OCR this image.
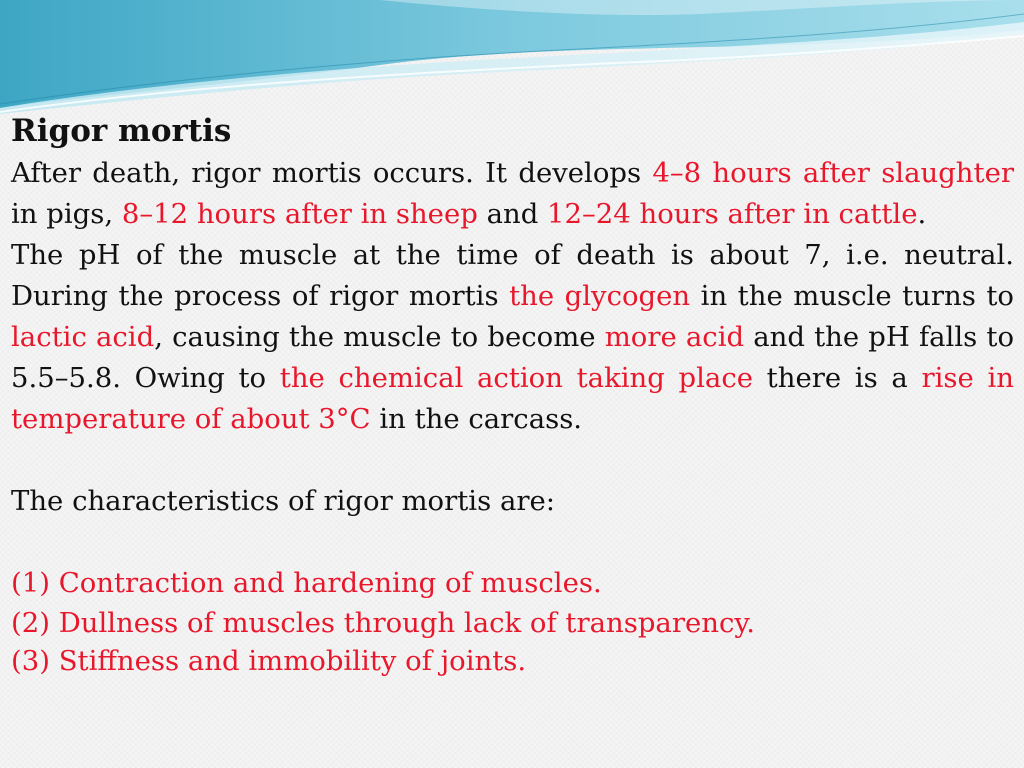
Rigor mortis

After death, rigor mortis occurs. It develops 4–8 hours after slaughter in pigs, 8–12 hours after in sheep and 12–24 hours after in cattle.

The pH of the muscle at the time of death is about 7, i.e. neutral. During the process of rigor mortis the glycogen in the muscle turns to lactic acid, causing the muscle to become more acid and the pH falls to 5.5–5.8. Owing to the chemical action taking place there is a rise in temperature of about 3°C in the carcass.

The characteristics of rigor mortis are:

(1) Contraction and hardening of muscles.

(2) Dullness of muscles through lack of transparency.

(3) Stiffness and immobility of joints.
